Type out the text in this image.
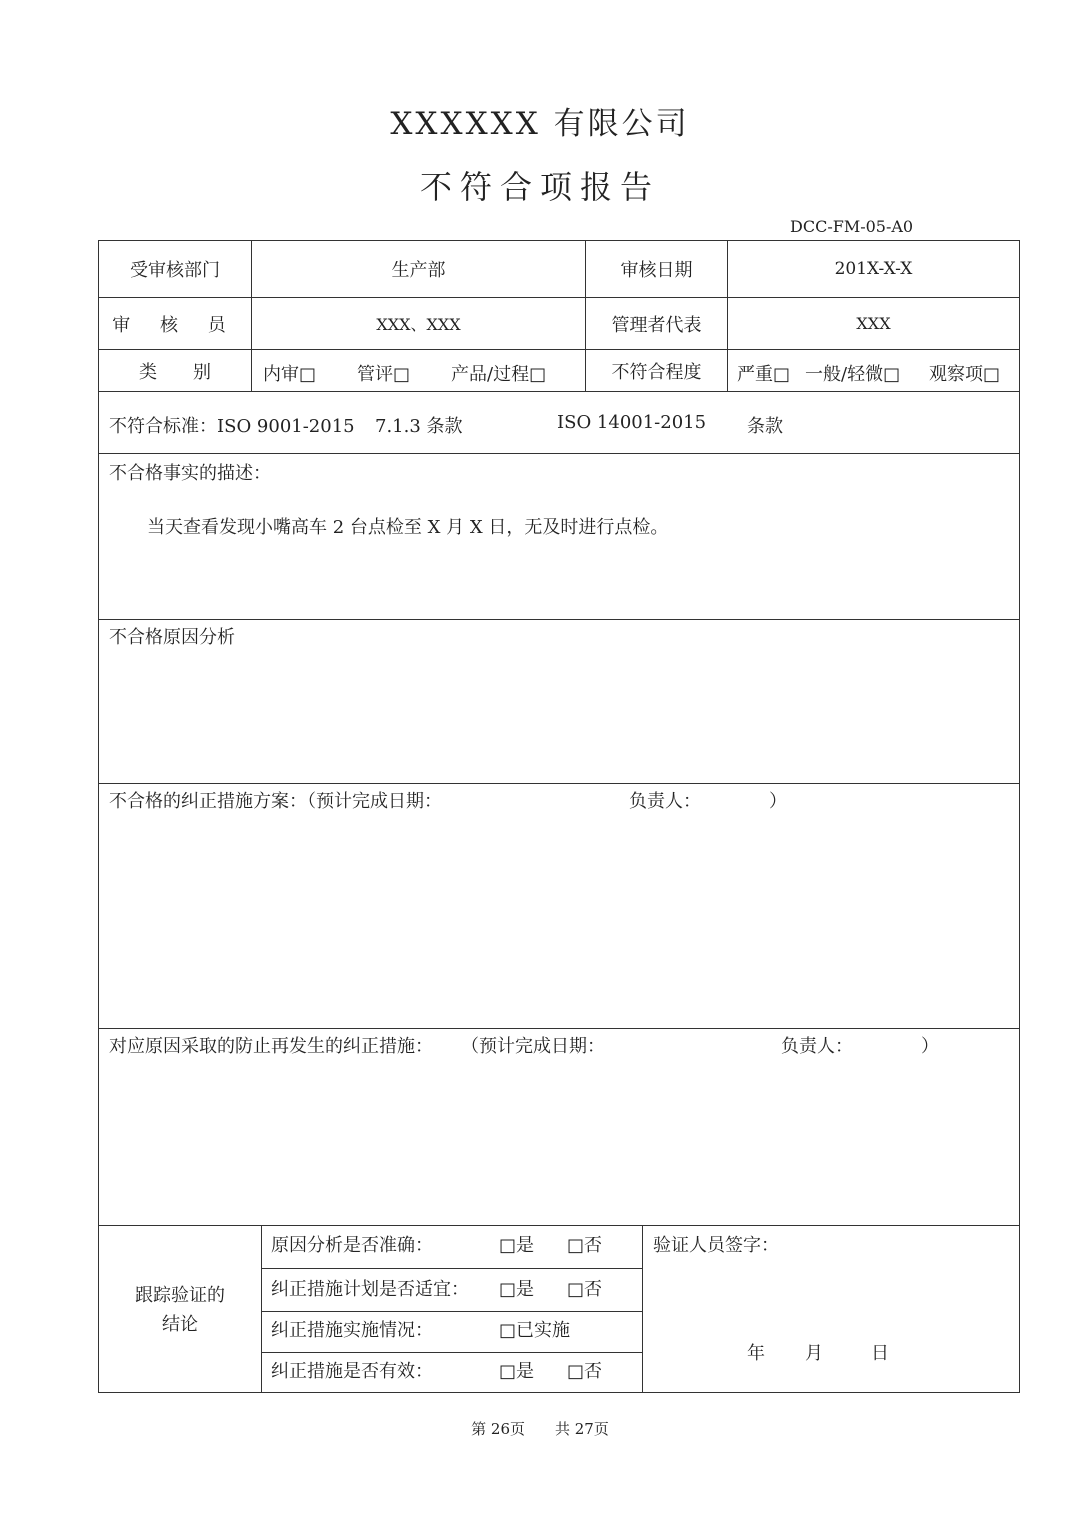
XXXXXX 有限公司
不符合项报告
DCC-FM-05-A0
受审核部门	生产部	审核日期	201X-X-X
审 核 员	XXX、XXX	管理者代表	XXX
类　　别	内审□ 管评□ 产品/过程□	不符合程度	严重□ 一般/轻微□ 观察项□
不符合标准：ISO 9001-2015 7.1.3 条款	ISO 14001-2015 条款
不合格事实的描述：
当天查看发现小嘴高车 2 台点检至 X 月 X 日，无及时进行点检。
不合格原因分析
不合格的纠正措施方案：（预计完成日期：	负责人：	）
对应原因采取的防止再发生的纠正措施： （预计完成日期：	负责人：	）
跟踪验证的
结论
原因分析是否准确：	□是 □否
纠正措施计划是否适宜： □是 □否
纠正措施实施情况：	□已实施
纠正措施是否有效：	□是 □否
验证人员签字：
年 月	日
第 26页　　共 27页
